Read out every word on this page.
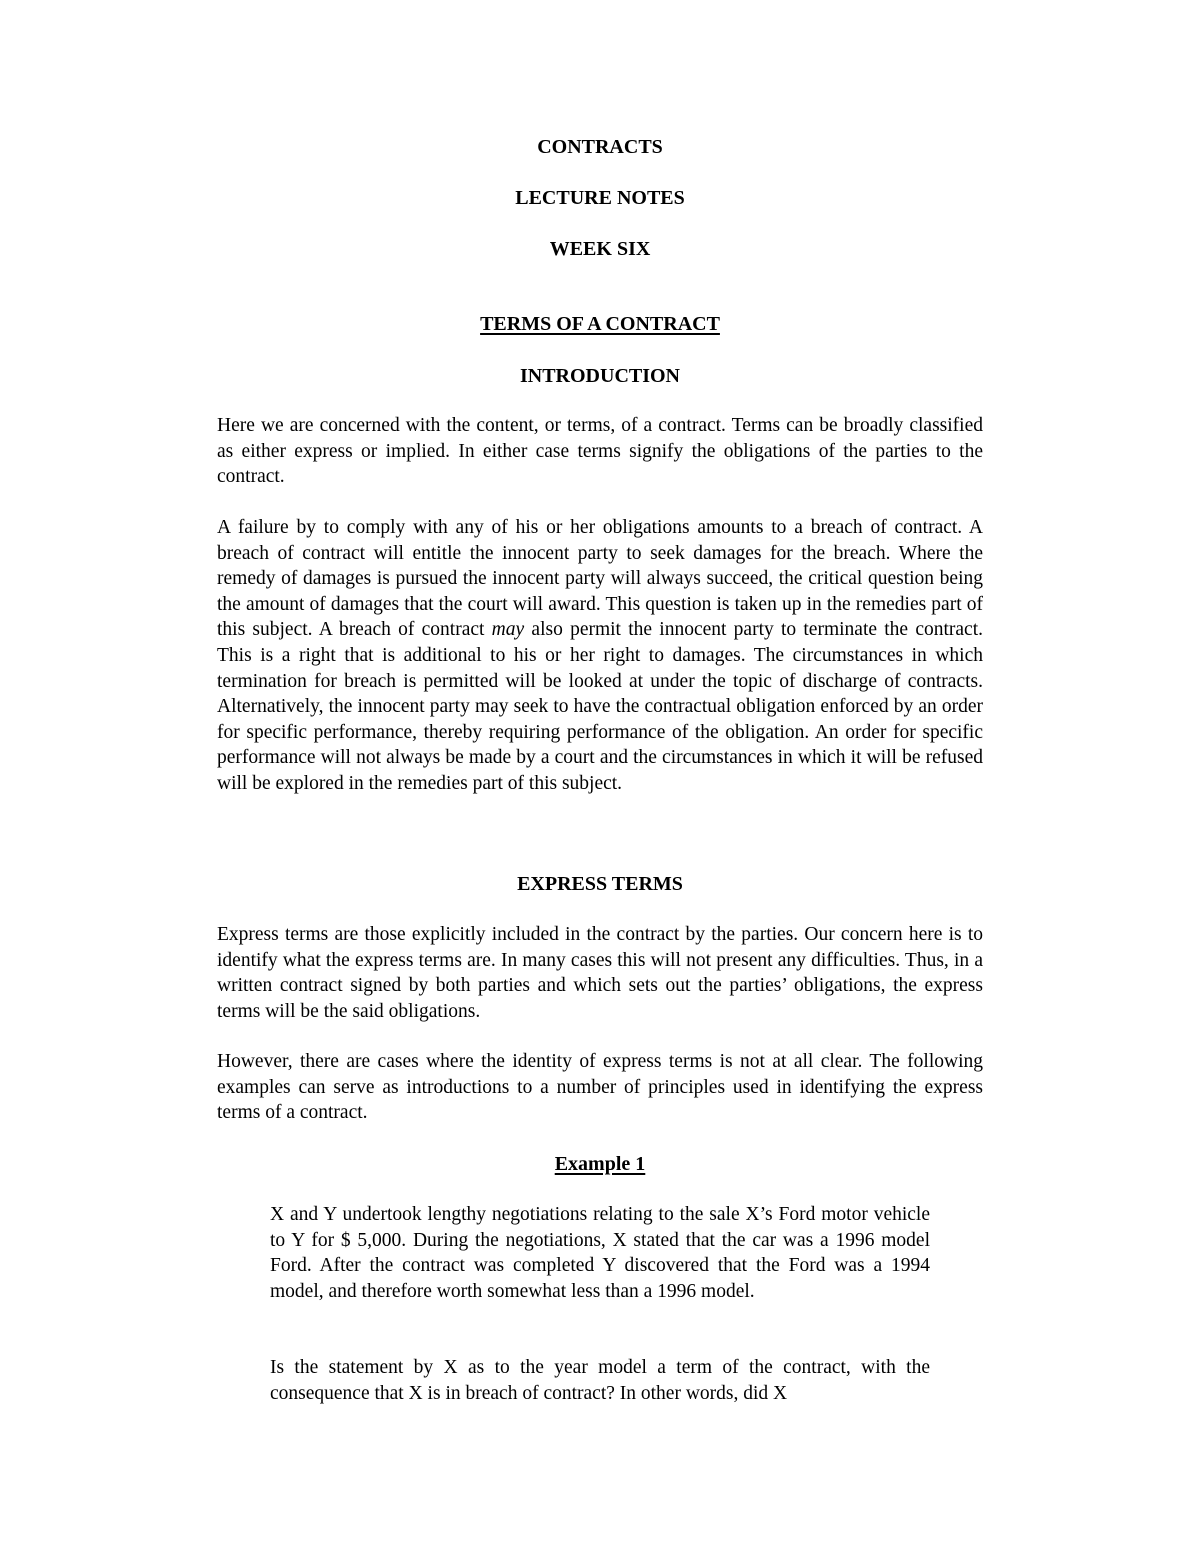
CONTRACTS
LECTURE NOTES
WEEK SIX
TERMS OF A CONTRACT
INTRODUCTION

Here we are concerned with the content, or terms, of a contract. Terms can be broadly classified as either express or implied. In either case terms signify the obligations of the parties to the contract.

A failure by to comply with any of his or her obligations amounts to a breach of contract. A breach of contract will entitle the innocent party to seek damages for the breach. Where the remedy of damages is pursued the innocent party will always succeed, the critical question being the amount of damages that the court will award. This question is taken up in the remedies part of this subject. A breach of contract may also permit the innocent party to terminate the contract. This is a right that is additional to his or her right to damages. The circumstances in which termination for breach is permitted will be looked at under the topic of discharge of contracts. Alternatively, the innocent party may seek to have the contractual obligation enforced by an order for specific performance, thereby requiring performance of the obligation. An order for specific performance will not always be made by a court and the circumstances in which it will be refused will be explored in the remedies part of this subject.

EXPRESS TERMS

Express terms are those explicitly included in the contract by the parties. Our concern here is to identify what the express terms are. In many cases this will not present any difficulties. Thus, in a written contract signed by both parties and which sets out the parties’ obligations, the express terms will be the said obligations.

However, there are cases where the identity of express terms is not at all clear. The following examples can serve as introductions to a number of principles used in identifying the express terms of a contract.

Example 1

X and Y undertook lengthy negotiations relating to the sale X’s Ford motor vehicle to Y for $ 5,000. During the negotiations, X stated that the car was a 1996 model Ford. After the contract was completed Y discovered that the Ford was a 1994 model, and therefore worth somewhat less than a 1996 model.

Is the statement by X as to the year model a term of the contract, with the consequence that X is in breach of contract? In other words, did X
